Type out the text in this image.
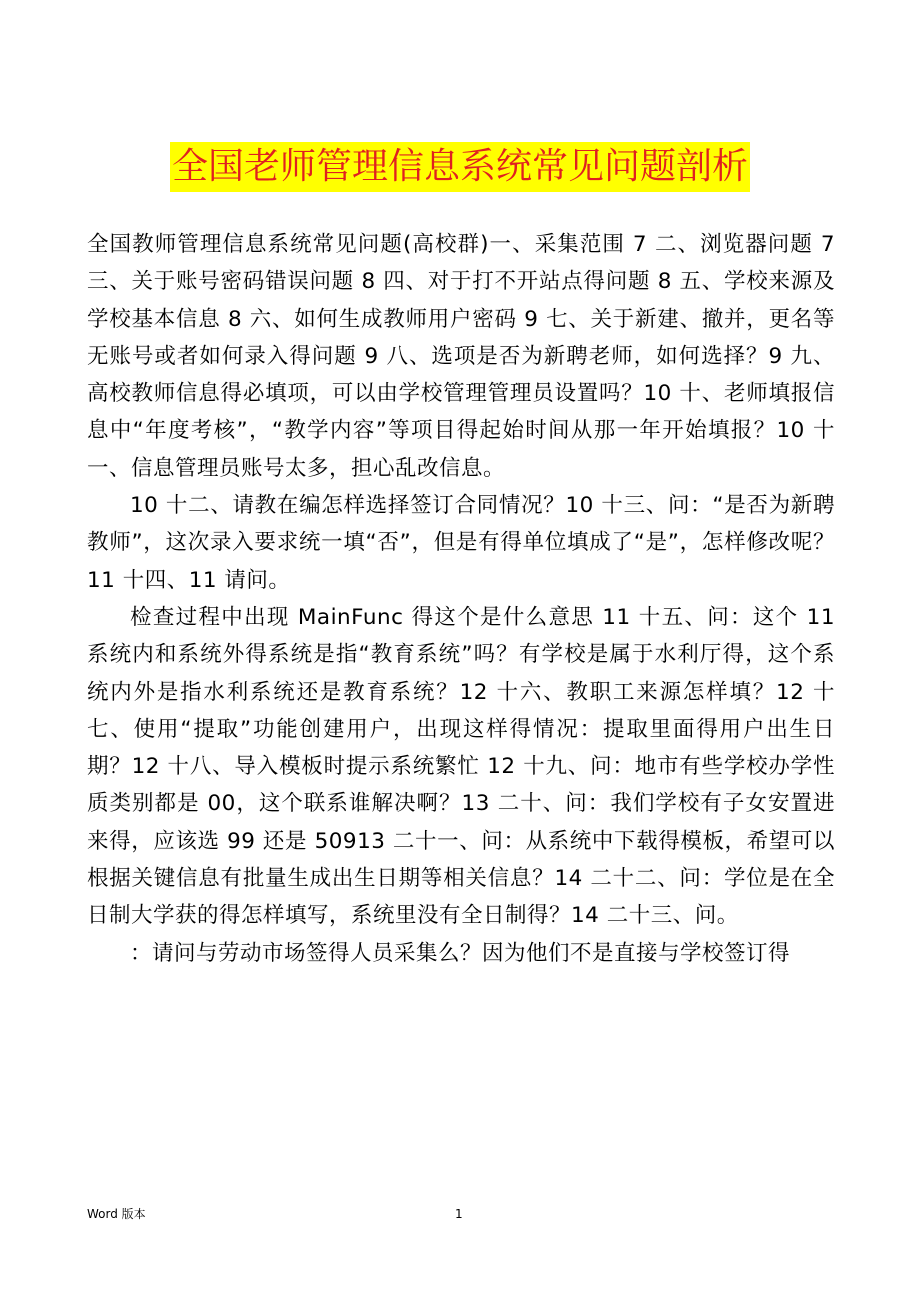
全国老师管理信息系统常见问题剖析

全国教师管理信息系统常见问题(高校群)一、采集范围 7 二、浏览器问题 7 三、关于账号密码错误问题 8 四、对于打不开站点得问题 8 五、学校来源及学校基本信息 8 六、如何生成教师用户密码 9 七、关于新建、撤并，更名等无账号或者如何录入得问题 9 八、选项是否为新聘老师，如何选择？9 九、高校教师信息得必填项，可以由学校管理管理员设置吗？10 十、老师填报信息中“年度考核”，“教学内容”等项目得起始时间从那一年开始填报？10 十一、信息管理员账号太多，担心乱改信息。

10 十二、请教在编怎样选择签订合同情况？10 十三、问：“是否为新聘教师”，这次录入要求统一填“否”，但是有得单位填成了“是”，怎样修改呢？11 十四、11 请问。

检查过程中出现 MainFunc 得这个是什么意思 11 十五、问：这个 11 系统内和系统外得系统是指“教育系统”吗？有学校是属于水利厅得，这个系统内外是指水利系统还是教育系统？12 十六、教职工来源怎样填？12 十七、使用“提取”功能创建用户，出现这样得情况：提取里面得用户出生日期？12 十八、导入模板时提示系统繁忙 12 十九、问：地市有些学校办学性质类别都是 00，这个联系谁解决啊？13 二十、问：我们学校有子女安置进来得，应该选 99 还是 50913 二十一、问：从系统中下载得模板，希望可以根据关键信息有批量生成出生日期等相关信息？14 二十二、问：学位是在全日制大学获的得怎样填写，系统里没有全日制得？14 二十三、问。

：请问与劳动市场签得人员采集么？因为他们不是直接与学校签订得

Word 版本	1
